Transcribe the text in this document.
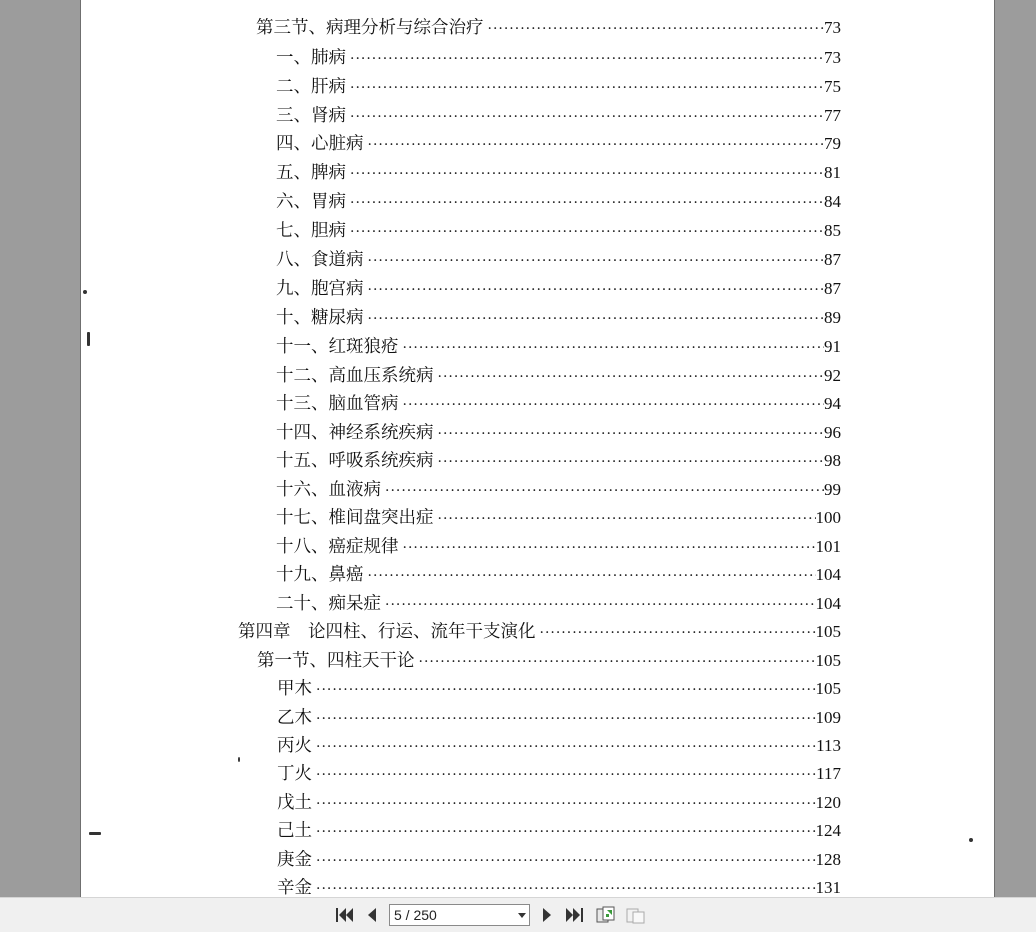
第三节、病理分析与综合治疗 ·····	73
一、肺病 ·····	73
二、肝病 ·····	75
三、肾病 ·····	77
四、心脏病 ·····	79
五、脾病 ·····	81
六、胃病 ·····	84
七、胆病 ·····	85
八、食道病 ·····	87
九、胞宫病 ·····	87
十、糖尿病 ·····	89
十一、红斑狼疮 ·····	91
十二、高血压系统病 ·····	92
十三、脑血管病 ·····	94
十四、神经系统疾病 ·····	96
十五、呼吸系统疾病 ·····	98
十六、血液病 ·····	99
十七、椎间盘突出症 ·····	100
十八、癌症规律 ·····	101
十九、鼻癌 ·····	104
二十、痴呆症 ·····	104
第四章　论四柱、行运、流年干支演化 ·····	105
第一节、四柱天干论 ·····	105
甲木 ·····	105
乙木 ·····	109
丙火 ·····	113
丁火 ·····	117
戊土 ·····	120
己土 ·····	124
庚金 ·····	128
辛金 ·····	131
5 / 250
